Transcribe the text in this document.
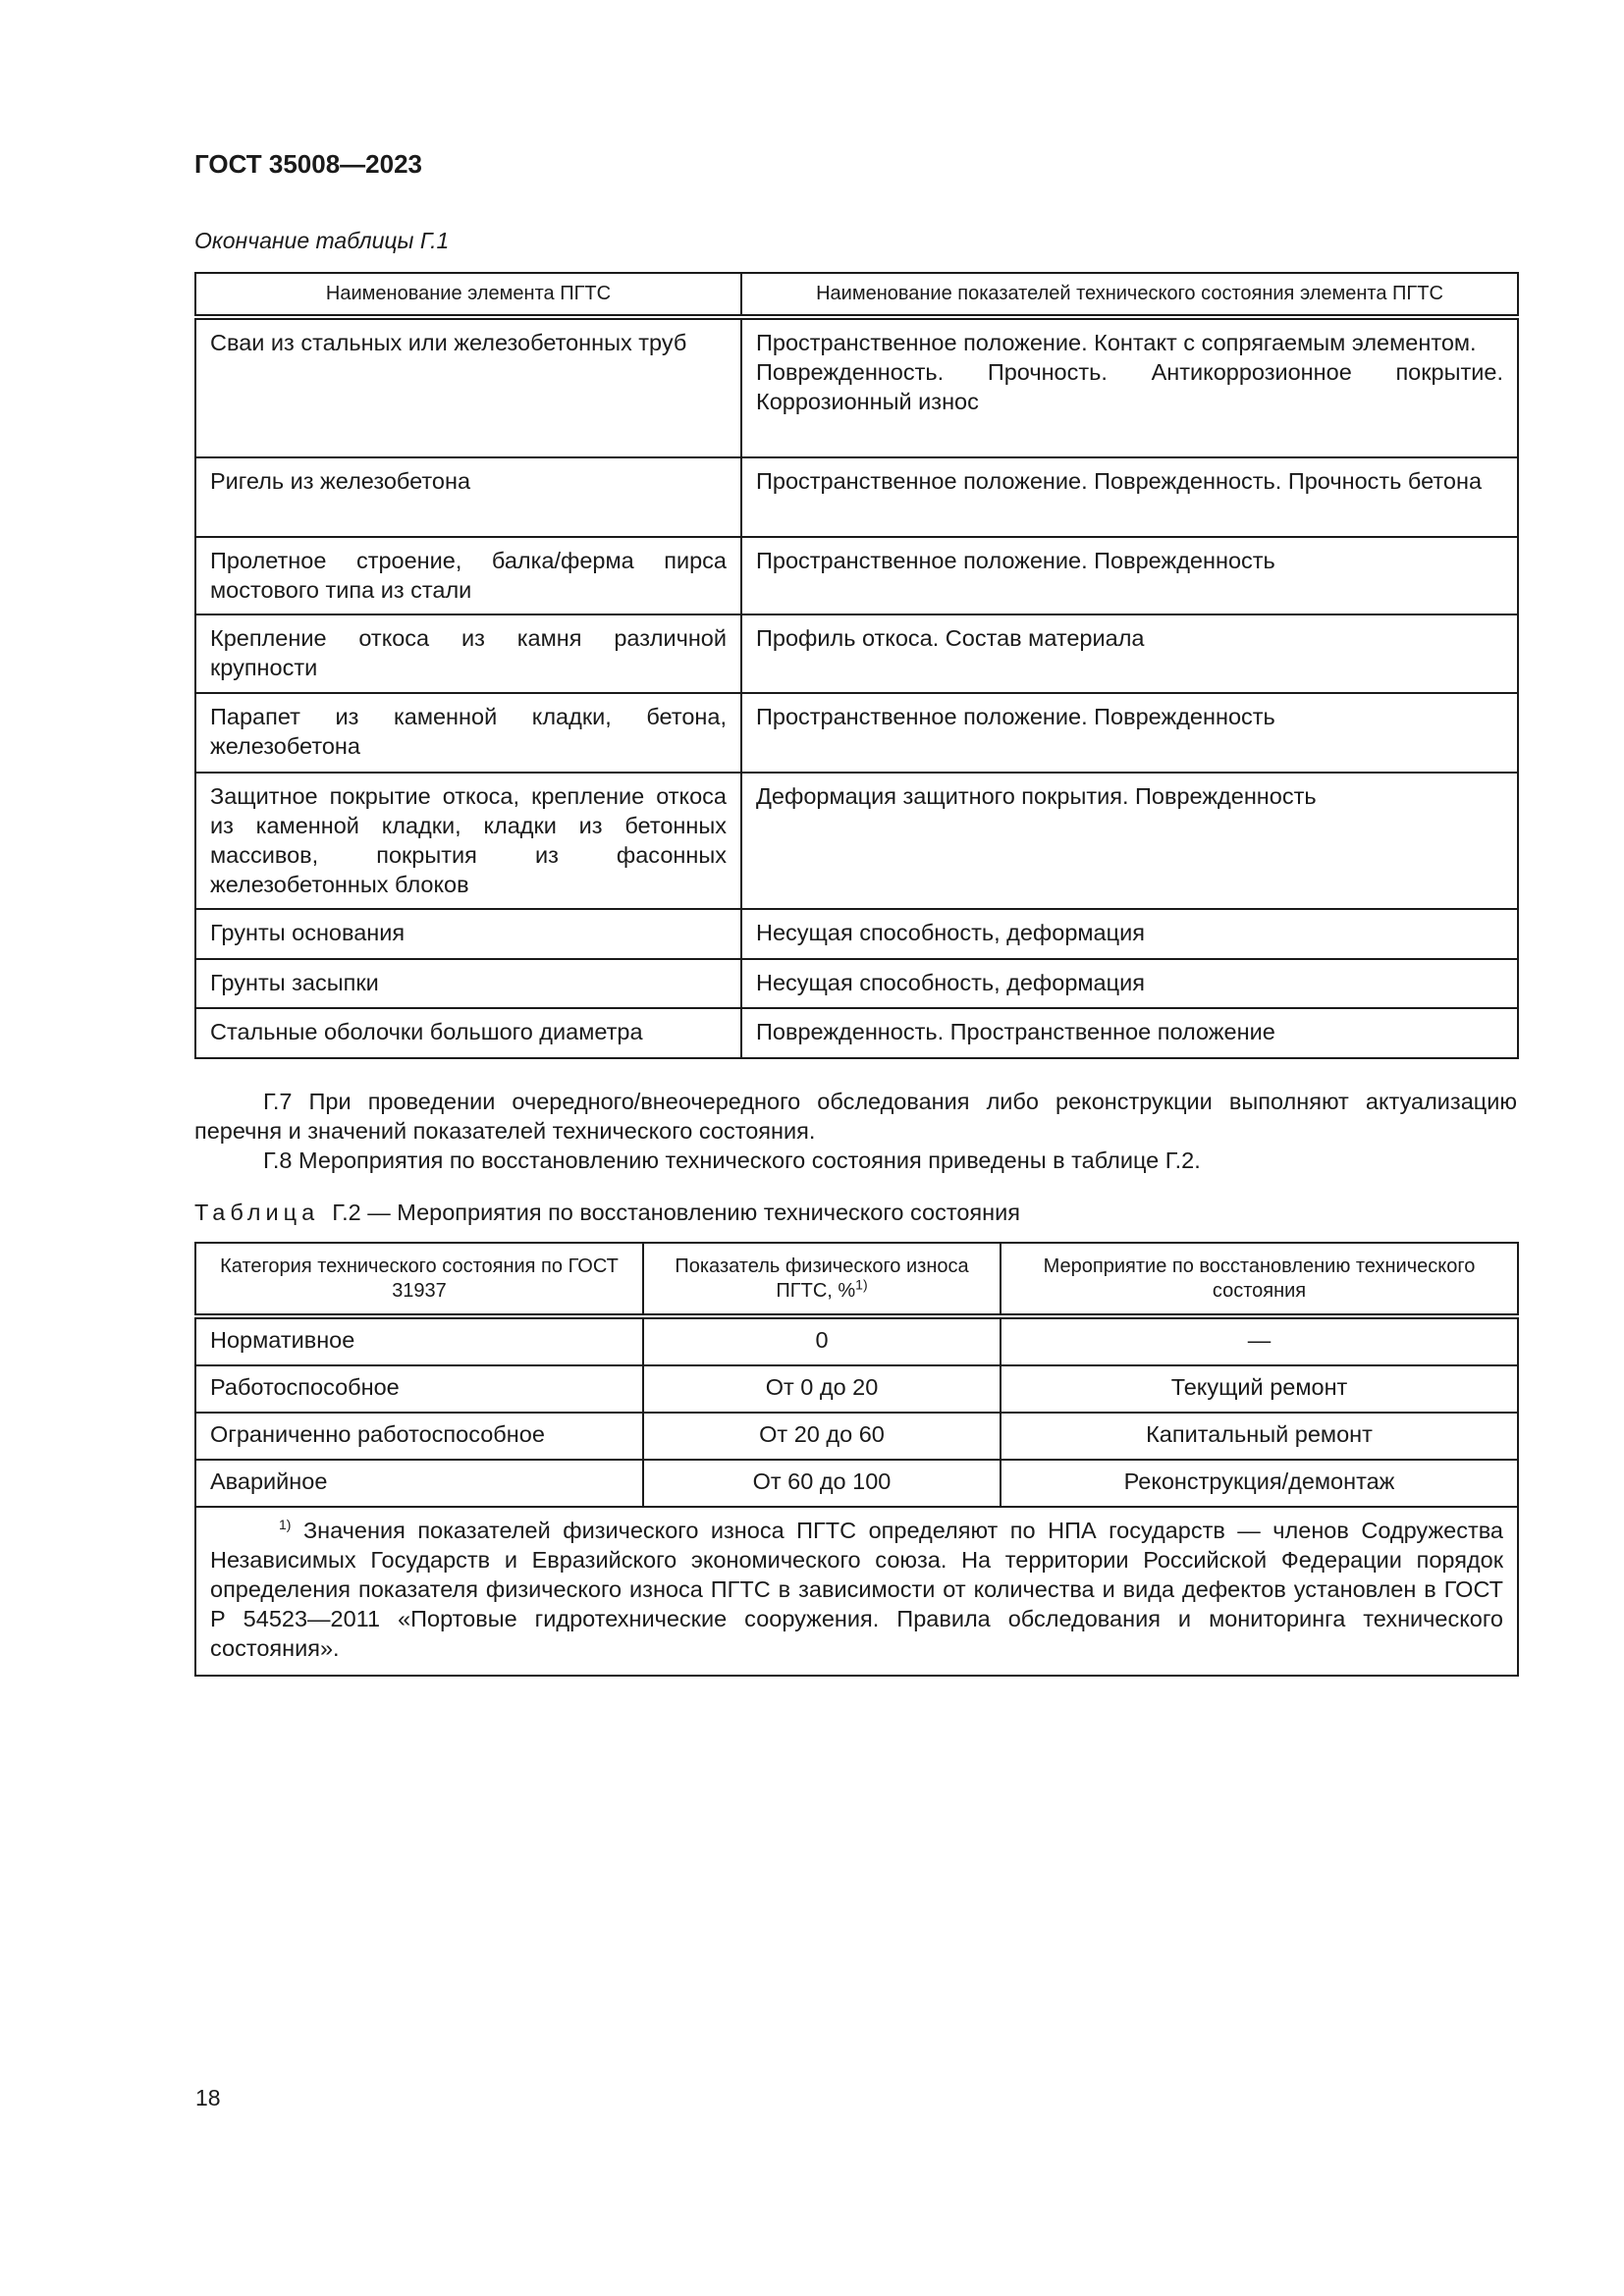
ГОСТ 35008—2023
Окончание таблицы Г.1
Наименование элемента ПГТС	Наименование показателей технического состояния элемента ПГТС
Сваи из стальных или железобетонных труб	Пространственное положение. Контакт с сопрягаемым элементом.
Поврежденность. Прочность. Антикоррозионное покрытие. Коррозионный износ

Ригель из железобетона	Пространственное положение. Поврежденность. Прочность бетона
Пролетное строение, балка/ферма пирса мостового типа из стали	Пространственное положение. Поврежденность
Крепление откоса из камня различной крупности	Профиль откоса. Состав материала
Парапет из каменной кладки, бетона, железобетона	Пространственное положение. Поврежденность
Защитное покрытие откоса, крепление откоса из каменной кладки, кладки из бетонных массивов, покрытия из фасонных железобетонных блоков	Деформация защитного покрытия. Поврежденность
Грунты основания	Несущая способность, деформация
Грунты засыпки	Несущая способность, деформация
Стальные оболочки большого диаметра	Поврежденность. Пространственное положение
Г.7 При проведении очередного/внеочередного обследования либо реконструкции выполняют актуализацию перечня и значений показателей технического состояния.
Г.8 Мероприятия по восстановлению технического состояния приведены в таблице Г.2.
Таблица Г.2 — Мероприятия по восстановлению технического состояния
Категория технического состояния по ГОСТ 31937	Показатель физического износа ПГТС, %$^{1)}$	Мероприятие по восстановлению технического состояния
Нормативное	0	—
Работоспособное	От 0 до 20	Текущий ремонт
Ограниченно работоспособное	От 20 до 60	Капитальный ремонт
Аварийное	От 60 до 100	Реконструкция/демонтаж
$^{1)}$ Значения показателей физического износа ПГТС определяют по НПА государств — членов Содружества Независимых Государств и Евразийского экономического союза. На территории Российской Федерации порядок определения показателя физического износа ПГТС в зависимости от количества и вида дефектов установлен в ГОСТ Р 54523—2011 «Портовые гидротехнические сооружения. Правила обследования и мониторинга технического состояния».		
18
